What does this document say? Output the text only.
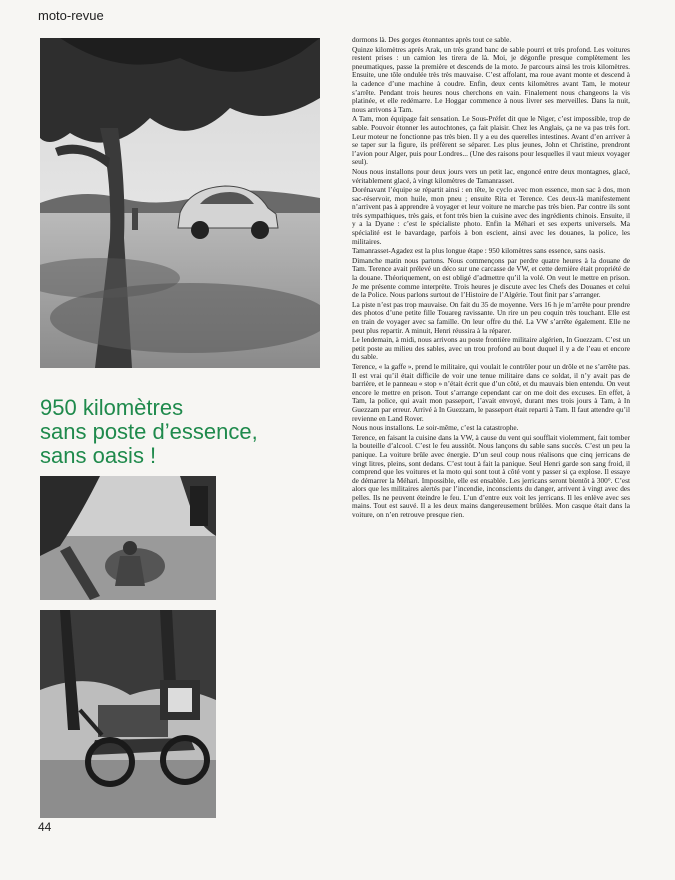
moto-revue
950 kilomètres
sans poste d’essence,
sans oasis !
44

dormons là. Des gorges étonnantes après tout ce sable.

Quinze kilomètres après Arak, un très grand banc de sable pourri et très profond. Les voitures restent prises : un camion les tirera de là. Moi, je dégonfle presque complètement les pneumatiques, passe la première et descends de la moto. Je parcours ainsi les trois kilomètres. Ensuite, une tôle ondulée très très mauvaise. C’est affolant, ma roue avant monte et descend à la cadence d’une machine à coudre. Enfin, deux cents kilomètres avant Tam, le moteur s’arrête. Pendant trois heures nous cherchons en vain. Finalement nous changeons la vis platinée, et elle redémarre. Le Hoggar commence à nous livrer ses merveilles. Dans la nuit, nous arrivons à Tam.

A Tam, mon équipage fait sensation. Le Sous-Préfet dit que le Niger, c’est impossible, trop de sable. Pouvoir étonner les autochtones, ça fait plaisir. Chez les Anglais, ça ne va pas très fort. Leur moteur ne fonctionne pas très bien. Il y a eu des querelles intestines. Avant d’en arriver à se taper sur la figure, ils préfèrent se séparer. Les plus jeunes, John et Christine, prendront l’avion pour Alger, puis pour Londres... (Une des raisons pour lesquelles il vaut mieux voyager seul).

Nous nous installons pour deux jours vers un petit lac, engoncé entre deux montagnes, glacé, véritablement glacé, à vingt kilomètres de Tamanrasset.

Dorénavant l’équipe se répartit ainsi : en tête, le cyclo avec mon essence, mon sac à dos, mon sac-réservoir, mon huile, mon pneu ; ensuite Rita et Terence. Ces deux-là manifestement n’arrivent pas à apprendre à voyager et leur voiture ne marche pas très bien. Par contre ils sont très sympathiques, très gais, et font très bien la cuisine avec des ingrédients chinois. Ensuite, il y a la Dyane : c’est le spécialiste photo. Enfin la Méhari et ses experts universels. Ma spécialité est le bavardage, parfois à bon escient, ainsi avec les douanes, la police, les militaires.

Tamanrasset-Agadez est la plus longue étape : 950 kilomètres sans essence, sans oasis.

Dimanche matin nous partons. Nous commençons par perdre quatre heures à la douane de Tam. Terence avait prélevé un déco sur une carcasse de VW, et cette dernière était propriété de la douane. Théoriquement, on est obligé d’admettre qu’il la volé. On veut le mettre en prison. Je me présente comme interprète. Trois heures je discute avec les Chefs des Douanes et celui de la Police. Nous parlons surtout de l’Histoire de l’Algérie. Tout finit par s’arranger.

La piste n’est pas trop mauvaise. On fait du 35 de moyenne. Vers 16 h je m’arrête pour prendre des photos d’une petite fille Touareg ravissante. Un rire un peu coquin très touchant. Elle est en train de voyager avec sa famille. On leur offre du thé. La VW s’arrête également. Elle ne peut plus repartir. A minuit, Henri réussira à la réparer.

Le lendemain, à midi, nous arrivons au poste frontière militaire algérien, In Guezzam. C’est un petit poste au milieu des sables, avec un trou profond au bout duquel il y a de l’eau et encore du sable.

Terence, « la gaffe », prend le militaire, qui voulait le contrôler pour un drôle et ne s’arrête pas. Il est vrai qu’il était difficile de voir une tenue militaire dans ce soldat, il n’y avait pas de barrière, et le panneau « stop » n’était écrit que d’un côté, et du mauvais bien entendu. On veut encore le mettre en prison. Tout s’arrange cependant car on me doit des excuses. En effet, à Tam, la police, qui avait mon passeport, l’avait envoyé, durant mes trois jours à Tam, à In Guezzam par erreur. Arrivé à In Guezzam, le passeport était reparti à Tam. Il faut attendre qu’il revienne en Land Rover.

Nous nous installons. Le soir-même, c’est la catastrophe.

Terence, en faisant la cuisine dans la VW, à cause du vent qui soufflait violemment, fait tomber la bouteille d’alcool. C’est le feu aussitôt. Nous lançons du sable sans succès. C’est un peu la panique. La voiture brûle avec énergie. D’un seul coup nous réalisons que cinq jerricans de vingt litres, pleins, sont dedans. C’est tout à fait la panique. Seul Henri garde son sang froid, il comprend que les voitures et la moto qui sont tout à côté vont y passer si ça explose. Il essaye de démarrer la Méhari. Impossible, elle est ensablée. Les jerricans seront bientôt à 300°. C’est alors que les militaires alertés par l’incendie, inconscients du danger, arrivent à vingt avec des pelles. Ils ne peuvent éteindre le feu. L’un d’entre eux voit les jerricans. Il les enlève avec ses mains. Tout est sauvé. Il a les deux mains dangereusement brûlées. Mon casque était dans la voiture, on n’en retrouve presque rien.
